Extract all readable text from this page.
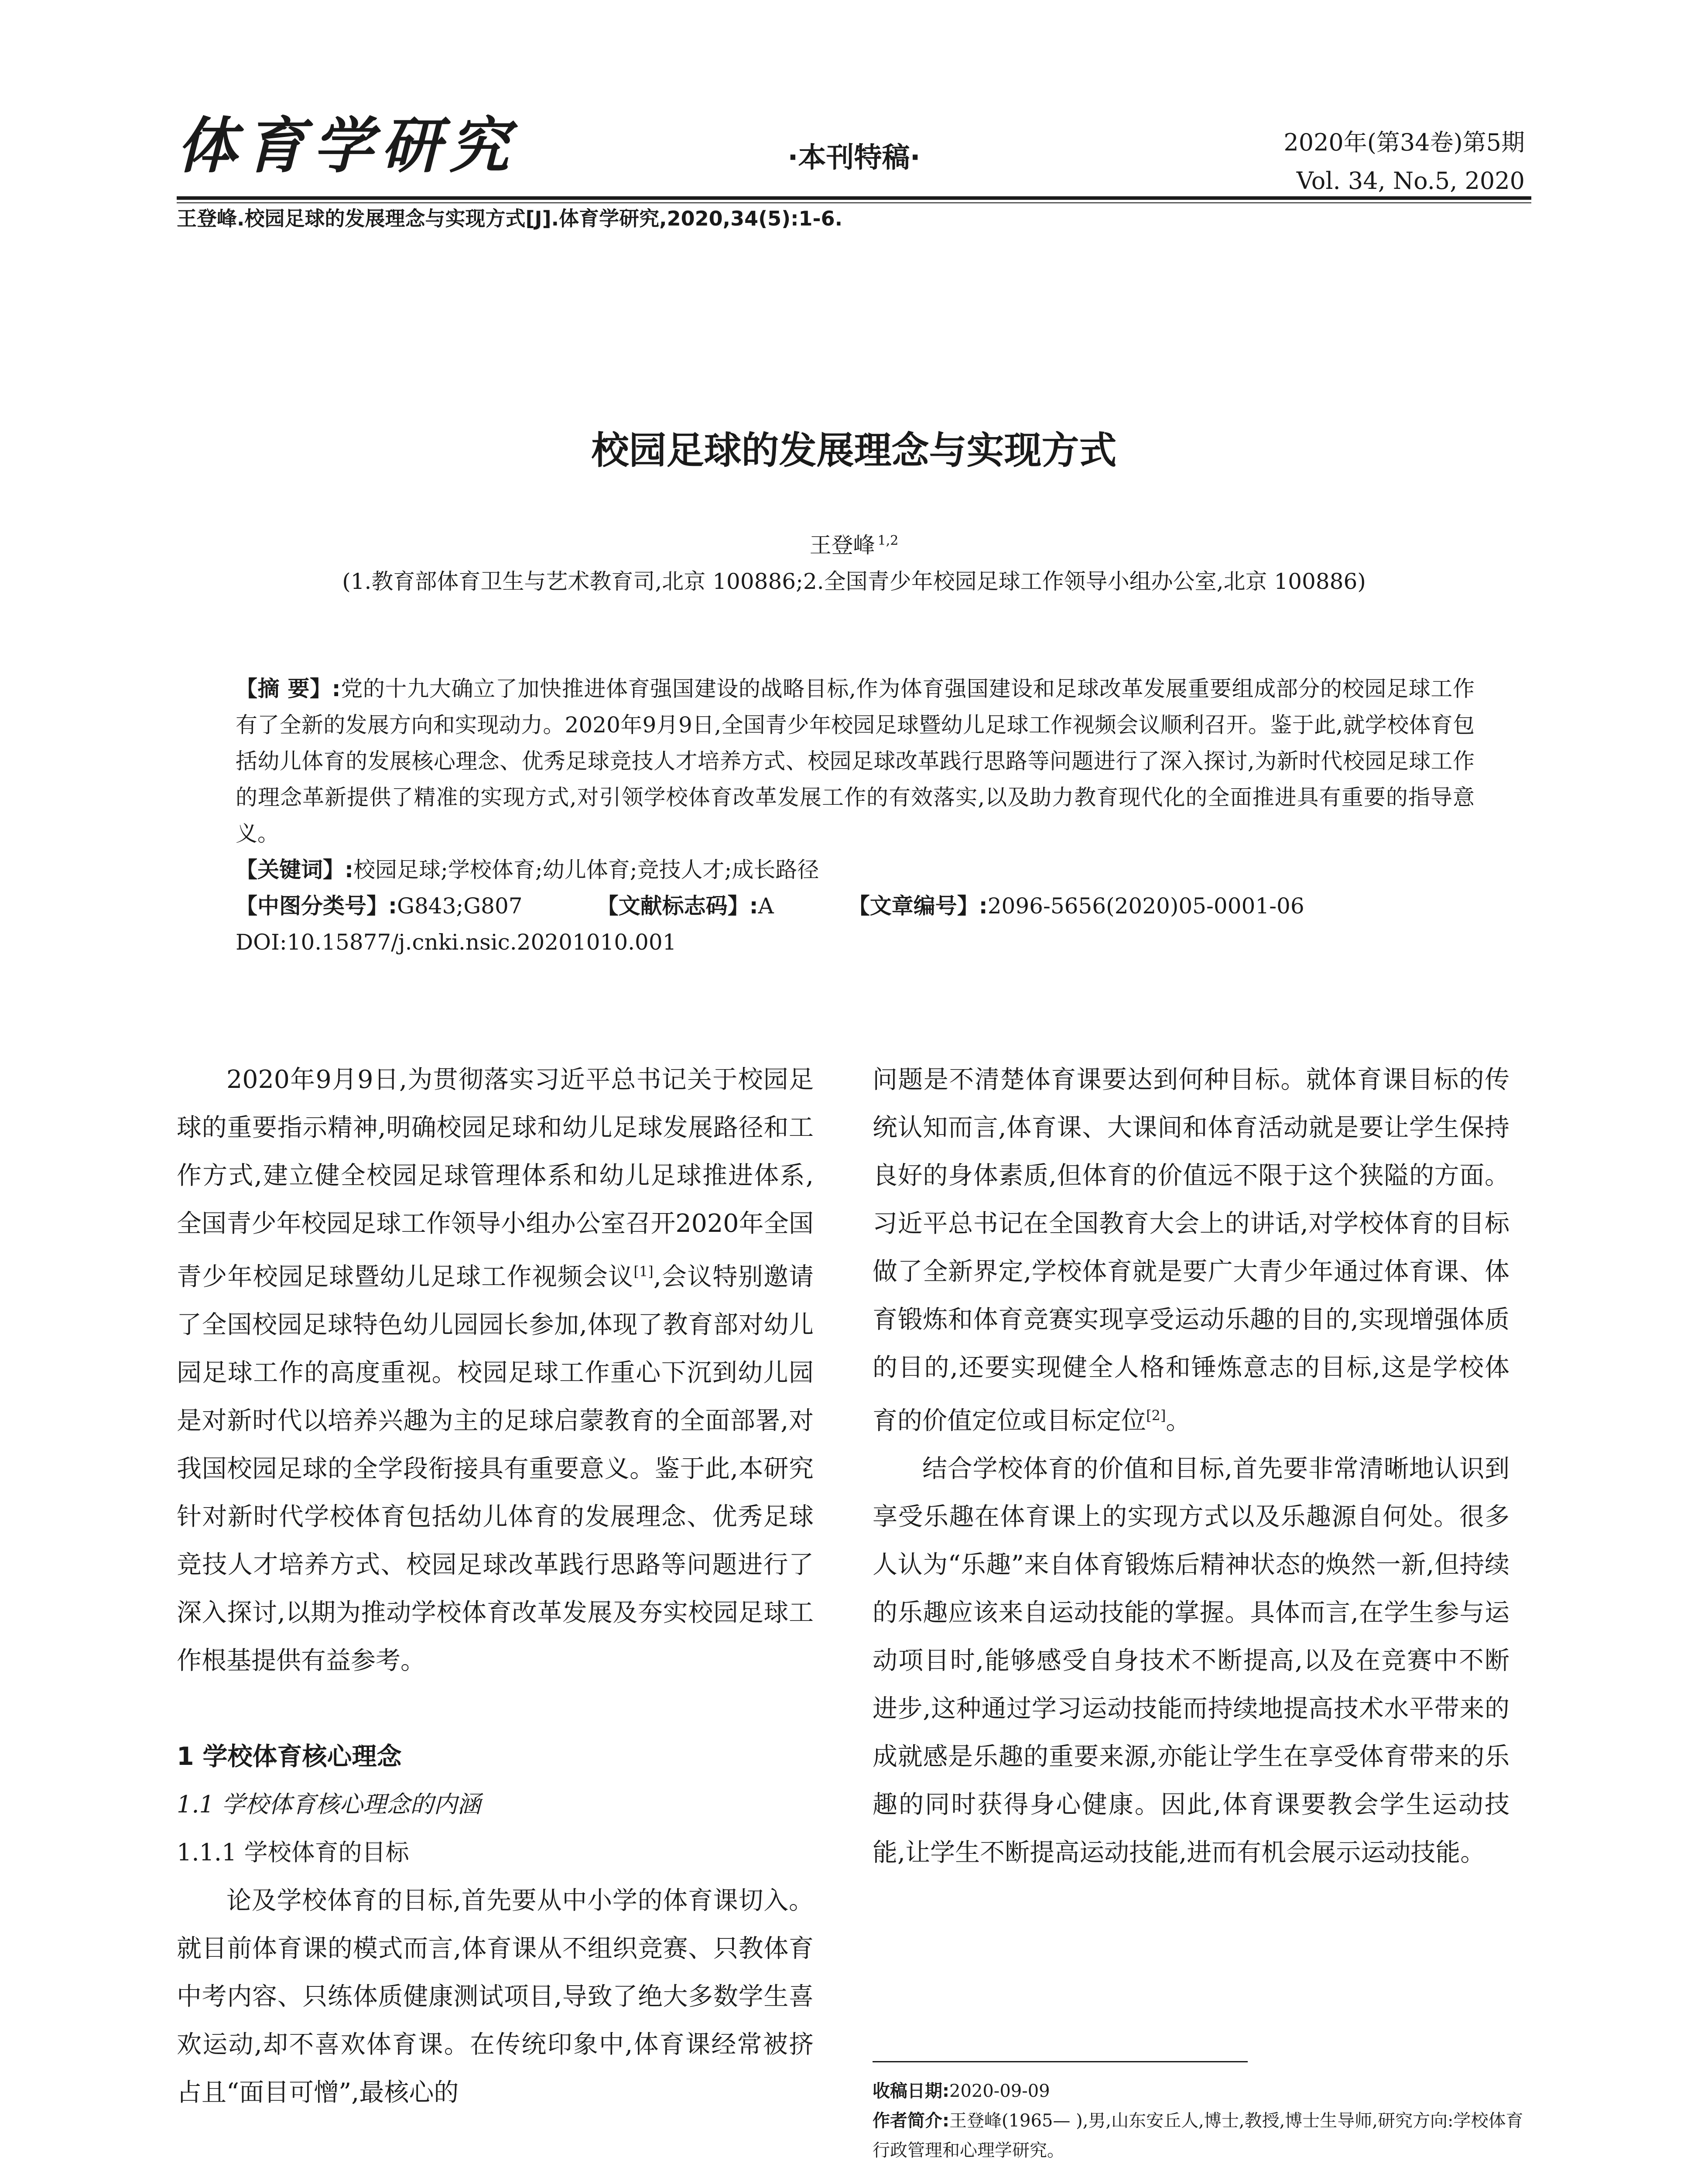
体育学研究	·本刊特稿·	2020年(第34卷)第5期
Vol. 34, No.5, 2020
王登峰.校园足球的发展理念与实现方式[J].体育学研究,2020,34(5):1-6.
校园足球的发展理念与实现方式
王登峰 $^{1,2}$
(1.教育部体育卫生与艺术教育司,北京 100886;2.全国青少年校园足球工作领导小组办公室,北京 100886)
【摘 要】:党的十九大确立了加快推进体育强国建设的战略目标,作为体育强国建设和足球改革发展重要组成部分的校园足球工作有了全新的发展方向和实现动力。2020年9月9日,全国青少年校园足球暨幼儿足球工作视频会议顺利召开。鉴于此,就学校体育包括幼儿体育的发展核心理念、优秀足球竞技人才培养方式、校园足球改革践行思路等问题进行了深入探讨,为新时代校园足球工作的理念革新提供了精准的实现方式,对引领学校体育改革发展工作的有效落实,以及助力教育现代化的全面推进具有重要的指导意义。
【关键词】:校园足球;学校体育;幼儿体育;竞技人才;成长路径
【中图分类号】:G843;G807	【文献标志码】:A	【文章编号】:2096-5656(2020)05-0001-06
DOI:10.15877/j.cnki.nsic.20201010.001

2020年9月9日,为贯彻落实习近平总书记关于校园足球的重要指示精神,明确校园足球和幼儿足球发展路径和工作方式,建立健全校园足球管理体系和幼儿足球推进体系,全国青少年校园足球工作领导小组办公室召开2020年全国青少年校园足球暨幼儿足球工作视频会议[1],会议特别邀请了全国校园足球特色幼儿园园长参加,体现了教育部对幼儿园足球工作的高度重视。校园足球工作重心下沉到幼儿园是对新时代以培养兴趣为主的足球启蒙教育的全面部署,对我国校园足球的全学段衔接具有重要意义。鉴于此,本研究针对新时代学校体育包括幼儿体育的发展理念、优秀足球竞技人才培养方式、校园足球改革践行思路等问题进行了深入探讨,以期为推动学校体育改革发展及夯实校园足球工作根基提供有益参考。

1 学校体育核心理念
1.1 学校体育核心理念的内涵
1.1.1 学校体育的目标

论及学校体育的目标,首先要从中小学的体育课切入。就目前体育课的模式而言,体育课从不组织竞赛、只教体育中考内容、只练体质健康测试项目,导致了绝大多数学生喜欢运动,却不喜欢体育课。在传统印象中,体育课经常被挤占且“面目可憎”,最核心的

问题是不清楚体育课要达到何种目标。就体育课目标的传统认知而言,体育课、大课间和体育活动就是要让学生保持良好的身体素质,但体育的价值远不限于这个狭隘的方面。习近平总书记在全国教育大会上的讲话,对学校体育的目标做了全新界定,学校体育就是要广大青少年通过体育课、体育锻炼和体育竞赛实现享受运动乐趣的目的,实现增强体质的目的,还要实现健全人格和锤炼意志的目标,这是学校体育的价值定位或目标定位[2]。

结合学校体育的价值和目标,首先要非常清晰地认识到享受乐趣在体育课上的实现方式以及乐趣源自何处。很多人认为“乐趣”来自体育锻炼后精神状态的焕然一新,但持续的乐趣应该来自运动技能的掌握。具体而言,在学生参与运动项目时,能够感受自身技术不断提高,以及在竞赛中不断进步,这种通过学习运动技能而持续地提高技术水平带来的成就感是乐趣的重要来源,亦能让学生在享受体育带来的乐趣的同时获得身心健康。因此,体育课要教会学生运动技能,让学生不断提高运动技能,进而有机会展示运动技能。

收稿日期:2020-09-09
作者简介:王登峰(1965— ),男,山东安丘人,博士,教授,博士生导师,研究方向:学校体育行政管理和心理学研究。
